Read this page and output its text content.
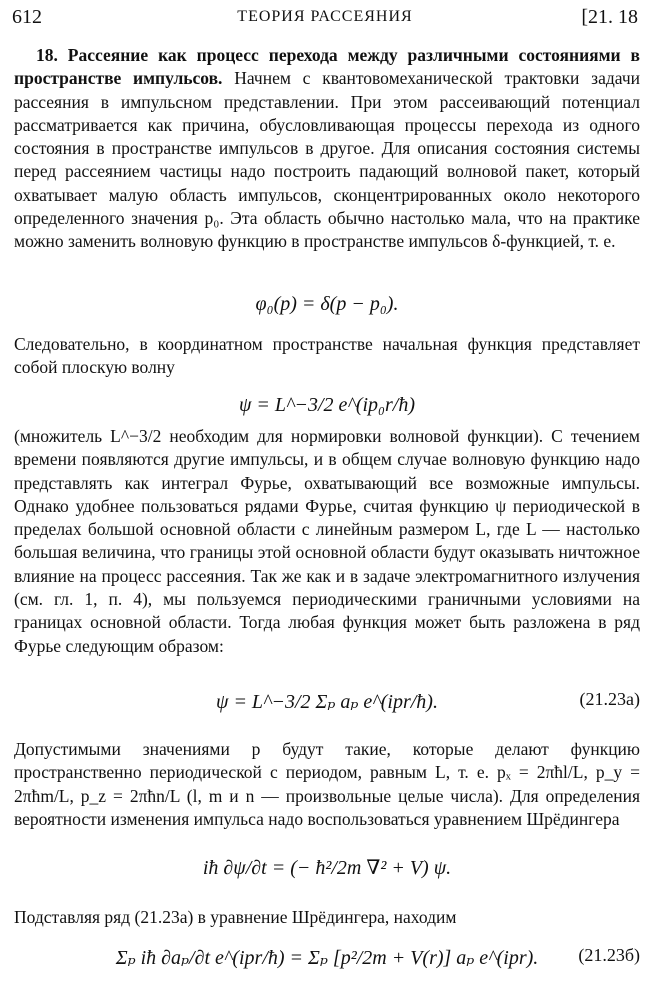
612	ТЕОРИЯ РАССЕЯНИЯ	[21. 18
18. Рассеяние как процесс перехода между различными состояниями в пространстве импульсов. Начнем с квантовомеханической трактовки задачи рассеяния в импульсном представлении. При этом рассеивающий потенциал рассматривается как причина, обусловливающая процессы перехода из одного состояния в пространстве импульсов в другое. Для описания состояния системы перед рассеянием частицы надо построить падающий волновой пакет, который охватывает малую область импульсов, сконцентрированных около некоторого определенного значения p₀. Эта область обычно настолько мала, что на практике можно заменить волновую функцию в пространстве импульсов δ-функцией, т. е.
φ₀(p) = δ(p − p₀).
Следовательно, в координатном пространстве начальная функция представляет собой плоскую волну
ψ = L^−3/2 e^(ip₀r/ħ)
(множитель L^−3/2 необходим для нормировки волновой функции). С течением времени появляются другие импульсы, и в общем случае волновую функцию надо представлять как интеграл Фурье, охватывающий все возможные импульсы. Однако удобнее пользоваться рядами Фурье, считая функцию ψ периодической в пределах большой основной области с линейным размером L, где L — настолько большая величина, что границы этой основной области будут оказывать ничтожное влияние на процесс рассеяния. Так же как и в задаче электромагнитного излучения (см. гл. 1, п. 4), мы пользуемся периодическими граничными условиями на границах основной области. Тогда любая функция может быть разложена в ряд Фурье следующим образом:
ψ = L^−3/2 Σₚ aₚ e^(ipr/ħ).	(21.23а)
Допустимыми значениями p будут такие, которые делают функцию пространственно периодической с периодом, равным L, т. е. pₓ = 2πħl/L, p_y = 2πħm/L, p_z = 2πħn/L (l, m и n — произвольные целые числа). Для определения вероятности изменения импульса надо воспользоваться уравнением Шрёдингера
iħ ∂ψ/∂t = (− ħ²/2m ∇² + V) ψ.
Подставляя ряд (21.23а) в уравнение Шрёдингера, находим
Σₚ iħ ∂aₚ/∂t e^(ipr/ħ) = Σₚ [p²/2m + V(r)] aₚ e^(ipr). (21.23б)
